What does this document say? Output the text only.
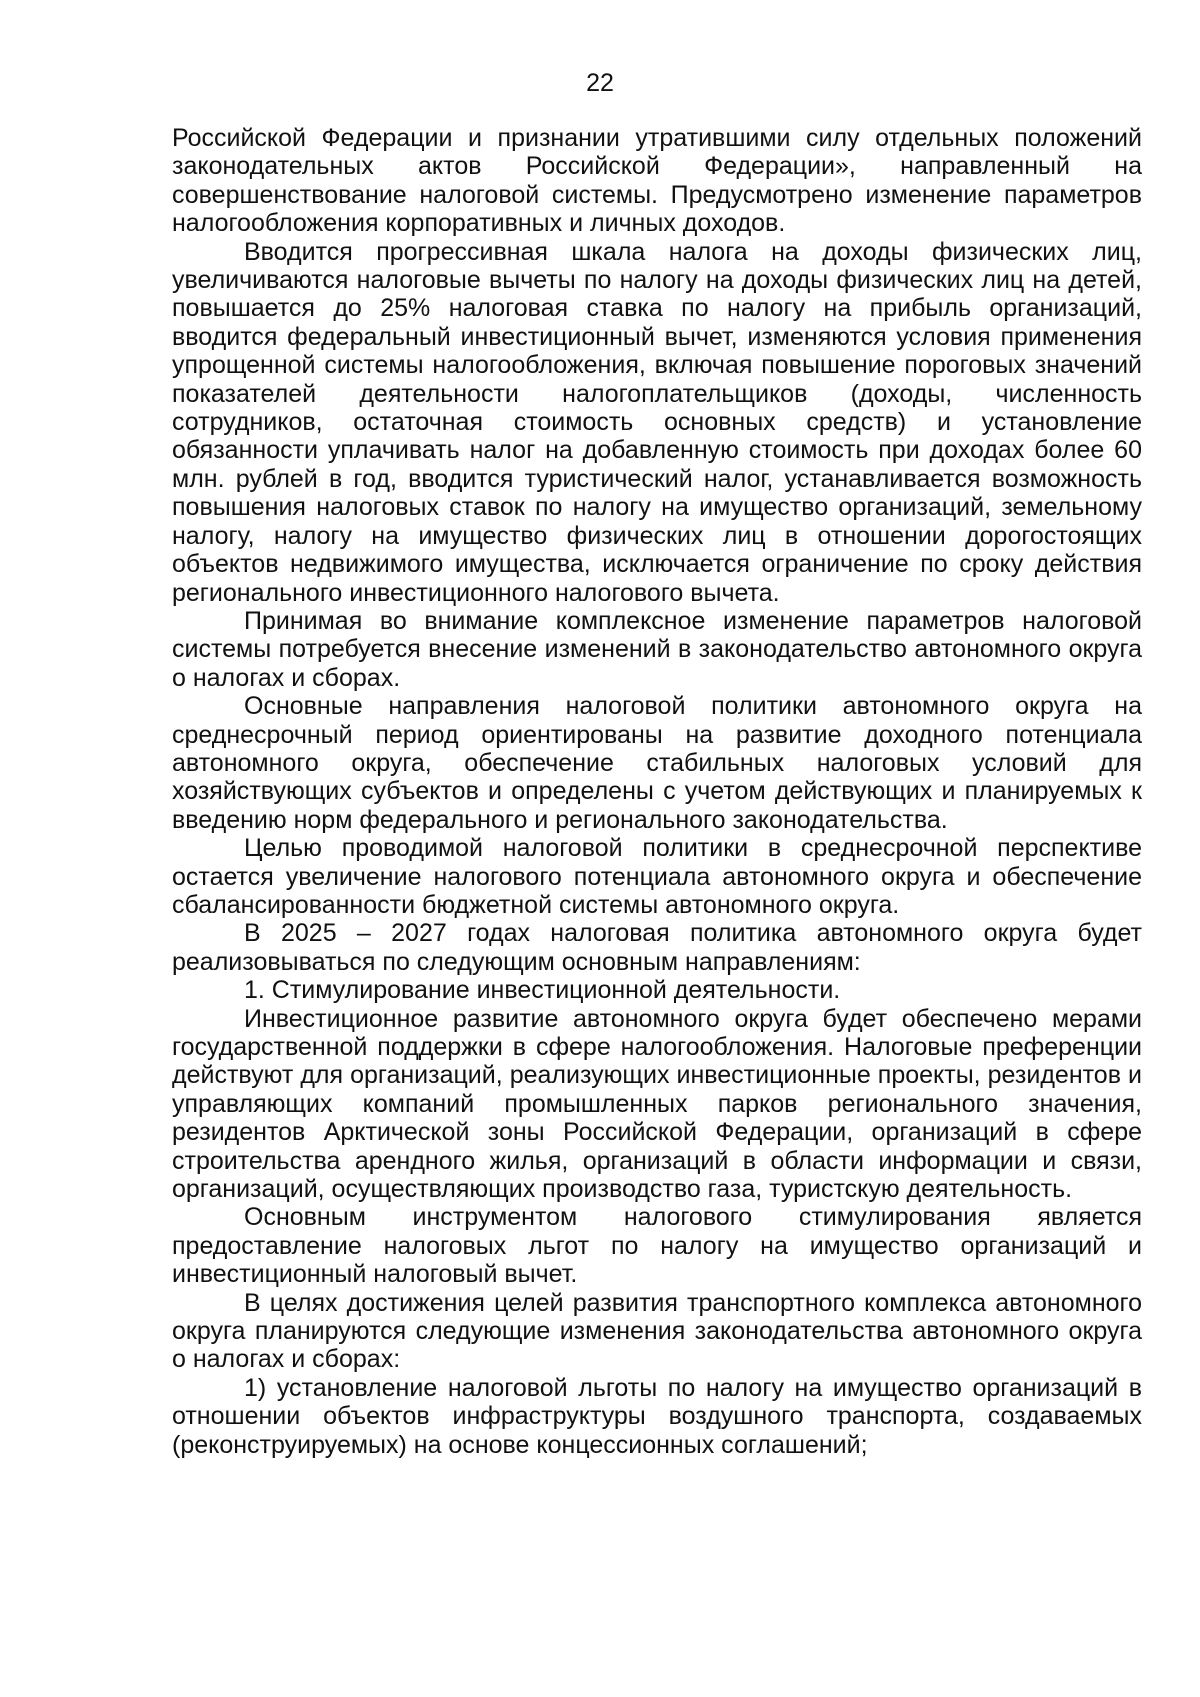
22

Российской Федерации и признании утратившими силу отдельных положений законодательных актов Российской Федерации», направленный на совершенствование налоговой системы. Предусмотрено изменение параметров налогообложения корпоративных и личных доходов.

Вводится прогрессивная шкала налога на доходы физических лиц, увеличиваются налоговые вычеты по налогу на доходы физических лиц на детей, повышается до 25% налоговая ставка по налогу на прибыль организаций, вводится федеральный инвестиционный вычет, изменяются условия применения упрощенной системы налогообложения, включая повышение пороговых значений показателей деятельности налогоплательщиков (доходы, численность сотрудников, остаточная стоимость основных средств) и установление обязанности уплачивать налог на добавленную стоимость при доходах более 60 млн. рублей в год, вводится туристический налог, устанавливается возможность повышения налоговых ставок по налогу на имущество организаций, земельному налогу, налогу на имущество физических лиц в отношении дорогостоящих объектов недвижимого имущества, исключается ограничение по сроку действия регионального инвестиционного налогового вычета.

Принимая во внимание комплексное изменение параметров налоговой системы потребуется внесение изменений в законодательство автономного округа о налогах и сборах.

Основные направления налоговой политики автономного округа на среднесрочный период ориентированы на развитие доходного потенциала автономного округа, обеспечение стабильных налоговых условий для хозяйствующих субъектов и определены с учетом действующих и планируемых к введению норм федерального и регионального законодательства.

Целью проводимой налоговой политики в среднесрочной перспективе остается увеличение налогового потенциала автономного округа и обеспечение сбалансированности бюджетной системы автономного округа.

В 2025 – 2027 годах налоговая политика автономного округа будет реализовываться по следующим основным направлениям:

1. Стимулирование инвестиционной деятельности.

Инвестиционное развитие автономного округа будет обеспечено мерами государственной поддержки в сфере налогообложения. Налоговые преференции действуют для организаций, реализующих инвестиционные проекты, резидентов и управляющих компаний промышленных парков регионального значения, резидентов Арктической зоны Российской Федерации, организаций в сфере строительства арендного жилья, организаций в области информации и связи, организаций, осуществляющих производство газа, туристскую деятельность.

Основным инструментом налогового стимулирования является предоставление налоговых льгот по налогу на имущество организаций и инвестиционный налоговый вычет.

В целях достижения целей развития транспортного комплекса автономного округа планируются следующие изменения законодательства автономного округа о налогах и сборах:

1) установление налоговой льготы по налогу на имущество организаций в отношении объектов инфраструктуры воздушного транспорта, создаваемых (реконструируемых) на основе концессионных соглашений;
